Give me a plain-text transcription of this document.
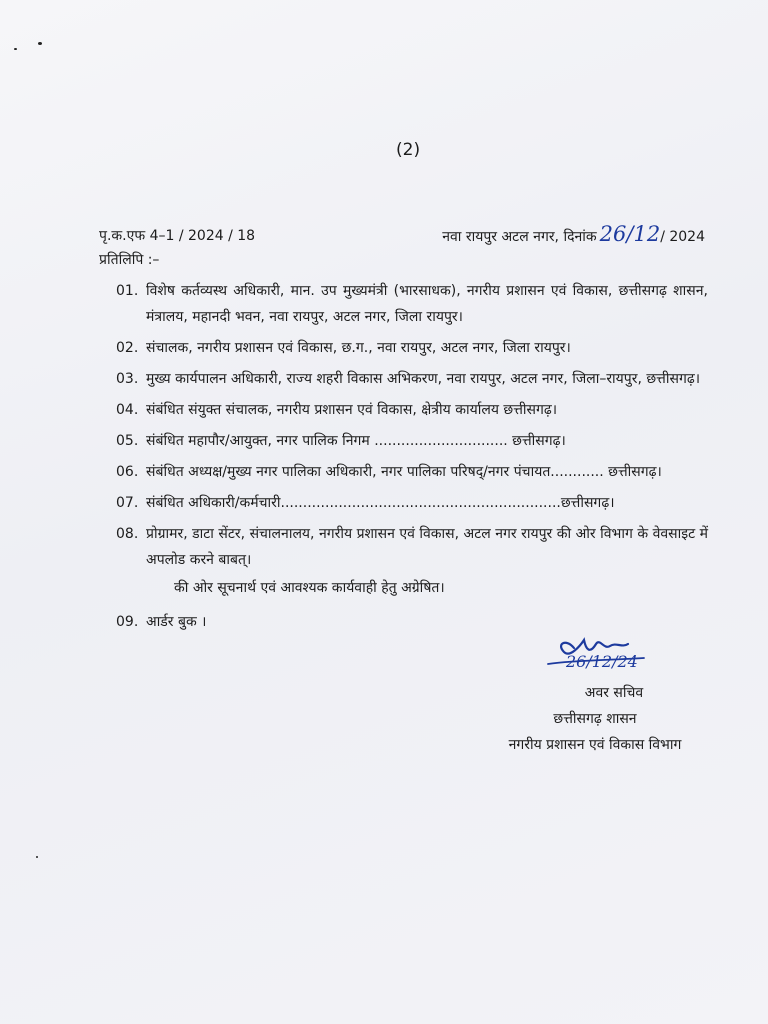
(2)
पृ.क.एफ 4–1 / 2024 / 18	नवा रायपुर अटल नगर, दिनांक 26/12 / 2024
प्रतिलिपि :–
01. विशेष कर्तव्यस्थ अधिकारी, मान. उप मुख्यमंत्री (भारसाधक), नगरीय प्रशासन एवं विकास, छत्तीसगढ़ शासन, मंत्रालय, महानदी भवन, नवा रायपुर, अटल नगर, जिला रायपुर।
02. संचालक, नगरीय प्रशासन एवं विकास, छ.ग., नवा रायपुर, अटल नगर, जिला रायपुर।
03. मुख्य कार्यपालन अधिकारी, राज्य शहरी विकास अभिकरण, नवा रायपुर, अटल नगर, जिला–रायपुर, छत्तीसगढ़।
04. संबंधित संयुक्त संचालक, नगरीय प्रशासन एवं विकास, क्षेत्रीय कार्यालय छत्तीसगढ़।
05. संबंधित महापौर/आयुक्त, नगर पालिक निगम .............................. छत्तीसगढ़।
06. संबंधित अध्यक्ष/मुख्य नगर पालिका अधिकारी, नगर पालिका परिषद्/नगर पंचायत............ छत्तीसगढ़।
07. संबंधित अधिकारी/कर्मचारी...............................................................छत्तीसगढ़।
08. प्रोग्रामर, डाटा सेंटर, संचालनालय, नगरीय प्रशासन एवं विकास, अटल नगर रायपुर की ओर विभाग के वेवसाइट में अपलोड करने बाबत्।
की ओर सूचनार्थ एवं आवश्यक कार्यवाही हेतु अग्रेषित।
09. आर्डर बुक ।
26/12/24
अवर सचिव
छत्तीसगढ़ शासन
नगरीय प्रशासन एवं विकास विभाग
